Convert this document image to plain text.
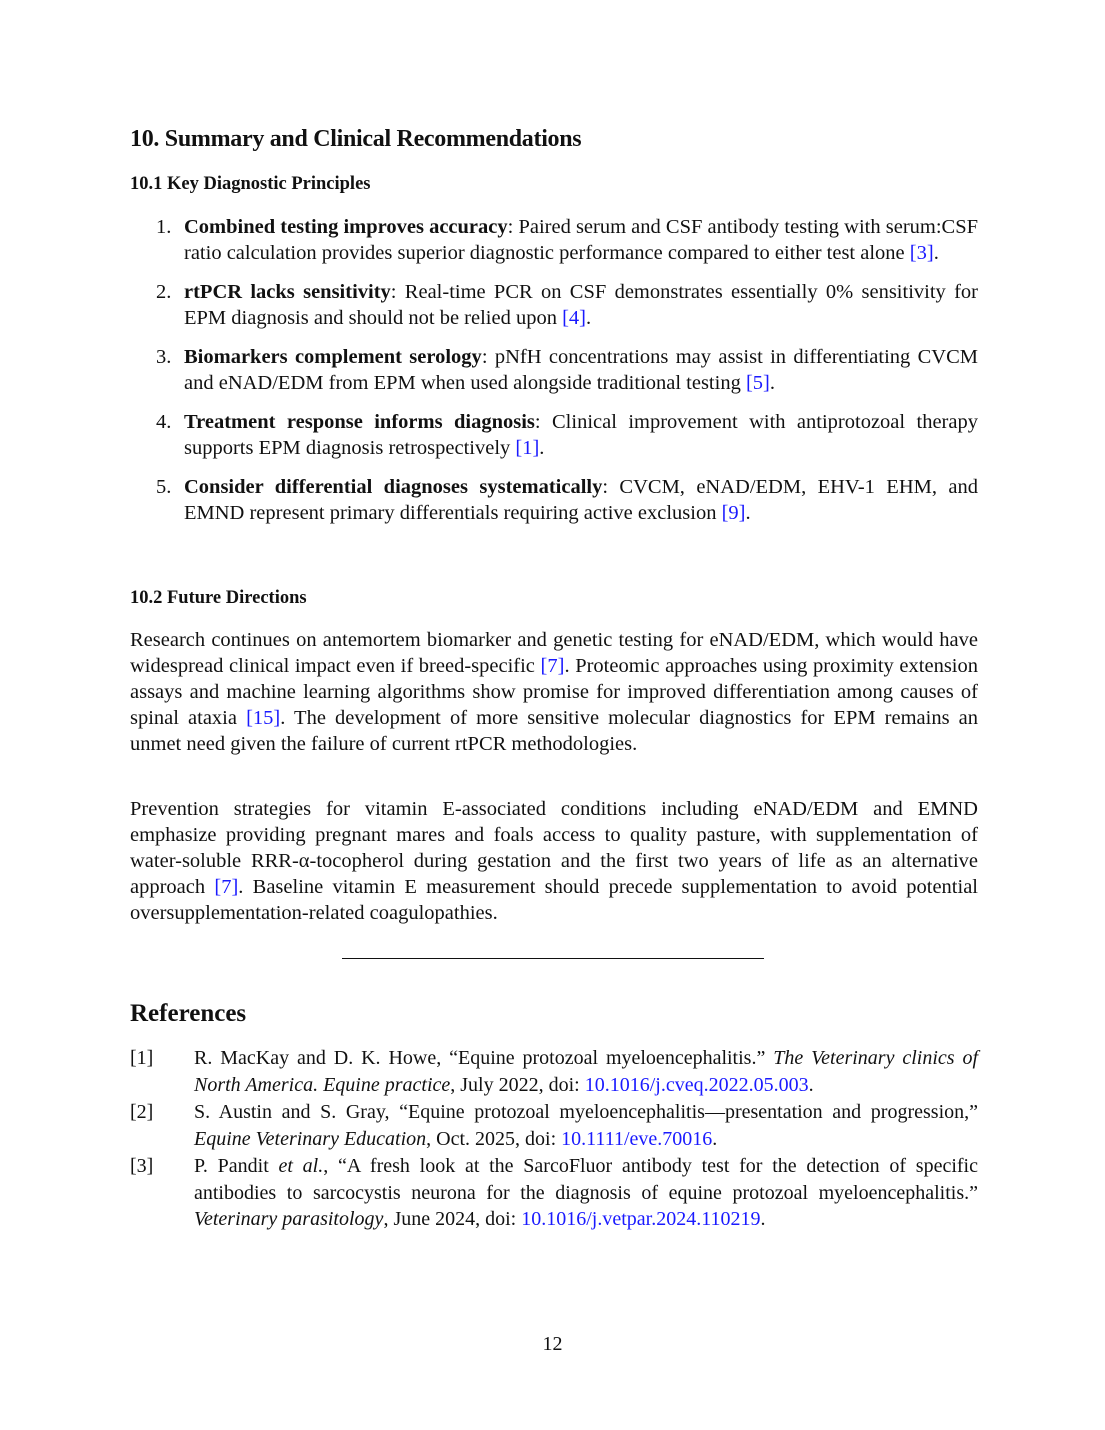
10. Summary and Clinical Recommendations
10.1 Key Diagnostic Principles
1. Combined testing improves accuracy: Paired serum and CSF antibody testing with serum:CSF ratio calculation provides superior diagnostic performance compared to either test alone [3].
2. rtPCR lacks sensitivity: Real-time PCR on CSF demonstrates essentially 0% sensitivity for EPM diagnosis and should not be relied upon [4].
3. Biomarkers complement serology: pNfH concentrations may assist in differentiating CVCM and eNAD/EDM from EPM when used alongside traditional testing [5].
4. Treatment response informs diagnosis: Clinical improvement with antiprotozoal therapy supports EPM diagnosis retrospectively [1].
5. Consider differential diagnoses systematically: CVCM, eNAD/EDM, EHV-1 EHM, and EMND represent primary differentials requiring active exclusion [9].
10.2 Future Directions

Research continues on antemortem biomarker and genetic testing for eNAD/EDM, which would have widespread clinical impact even if breed-specific [7]. Proteomic approaches using proximity extension assays and machine learning algorithms show promise for improved differentiation among causes of spinal ataxia [15]. The development of more sensitive molecular diagnostics for EPM remains an unmet need given the failure of current rtPCR methodologies.

Prevention strategies for vitamin E-associated conditions including eNAD/EDM and EMND emphasize providing pregnant mares and foals access to quality pasture, with supplementation of water-soluble RRR-α-tocopherol during gestation and the first two years of life as an alternative approach [7]. Baseline vitamin E measurement should precede supplementation to avoid potential oversupplementation-related coagulopathies.

References
[1] R. MacKay and D. K. Howe, “Equine protozoal myeloencephalitis.” The Veterinary clinics of North America. Equine practice, July 2022, doi: 10.1016/j.cveq.2022.05.003.
[2] S. Austin and S. Gray, “Equine protozoal myeloencephalitis—presentation and progression,” Equine Veterinary Education, Oct. 2025, doi: 10.1111/eve.70016.
[3] P. Pandit et al., “A fresh look at the SarcoFluor antibody test for the detection of specific antibodies to sarcocystis neurona for the diagnosis of equine protozoal myeloencephalitis.” Veterinary parasitology, June 2024, doi: 10.1016/j.vetpar.2024.110219.
12
